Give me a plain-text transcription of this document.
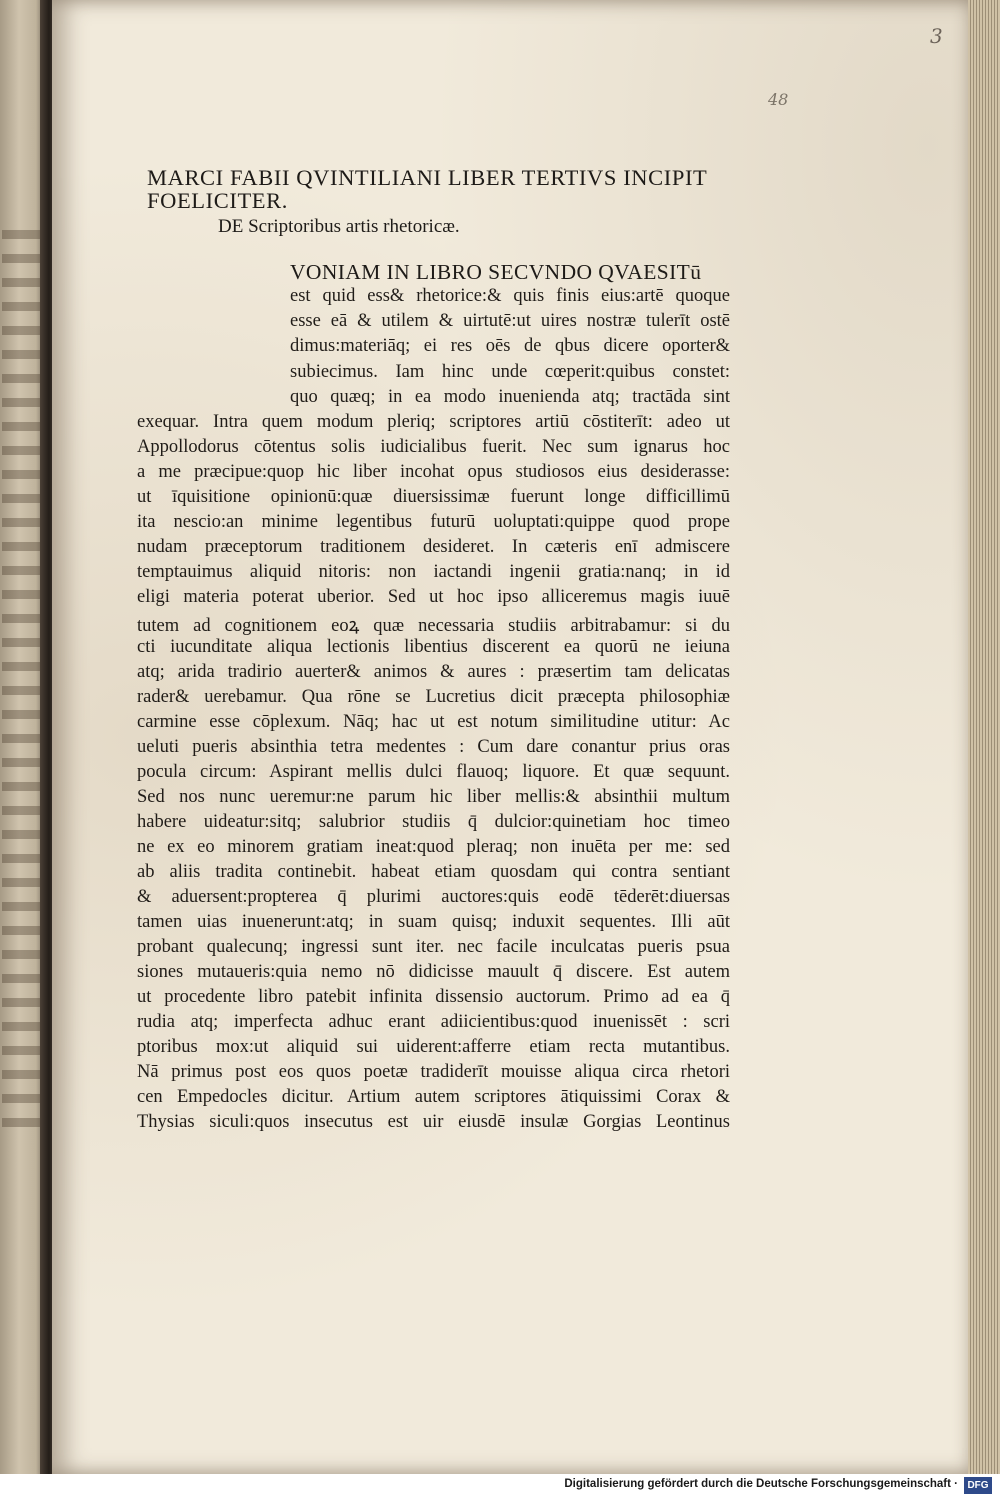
3
48
MARCI FABII QVINTILIANI LIBER TERTIVS INCIPIT
FOELICITER.
DE Scriptoribus artis rhetoricæ.
VONIAM IN LIBRO SECVNDO QVAESITū
est quid ess& rhetorice:& quis finis eius:artē quoque
esse eā & utilem & uirtutē:ut uires nostræ tulerīt ostē
dimus:materiāq; ei res oēs de qbus dicere oporter&
subiecimus. Iam hinc unde cœperit:quibus constet:
quo quæq; in ea modo inuenienda atq; tractāda sint
exequar. Intra quem modum pleriq; scriptores artiū cōstiterīt: adeo ut
Appollodorus cōtentus solis iudicialibus fuerit. Nec sum ignarus hoc
a me præcipue:quop hic liber incohat opus studiosos eius desiderasse:
ut īquisitione opinionū:quæ diuersissimæ fuerunt longe difficillimū
ita nescio:an minime legentibus futurū uoluptati:quippe quod prope
nudam præceptorum traditionem desideret. In cæteris enī admiscere
temptauimus aliquid nitoris: non iactandi ingenii gratia:nanq; in id
eligi materia poterat uberior. Sed ut hoc ipso alliceremus magis iuuē
tutem ad cognitionem eoꝝ quæ necessaria studiis arbitrabamur: si du
cti iucunditate aliqua lectionis libentius discerent ea quorū ne ieiuna
atq; arida tradirio auerter& animos & aures : præsertim tam delicatas
rader& uerebamur. Qua rōne se Lucretius dicit præcepta philosophiæ
carmine esse cōplexum. Nāq; hac ut est notum similitudine utitur: Ac
ueluti pueris absinthia tetra medentes : Cum dare conantur prius oras
pocula circum: Aspirant mellis dulci flauoq; liquore. Et quæ sequunt.
Sed nos nunc ueremur:ne parum hic liber mellis:& absinthii multum
habere uideatur:sitq; salubrior studiis q̄ dulcior:quinetiam hoc timeo
ne ex eo minorem gratiam ineat:quod pleraq; non inuēta per me: sed
ab aliis tradita continebit. habeat etiam quosdam qui contra sentiant
& aduersent:propterea q̄ plurimi auctores:quis eodē tēderēt:diuersas
tamen uias inuenerunt:atq; in suam quisq; induxit sequentes. Illi aūt
probant qualecunq; ingressi sunt iter. nec facile inculcatas pueris psua
siones mutaueris:quia nemo nō didicisse mauult q̄ discere. Est autem
ut procedente libro patebit infinita dissensio auctorum. Primo ad ea q̄
rudia atq; imperfecta adhuc erant adiicientibus:quod inuenissēt : scri
ptoribus mox:ut aliquid sui uiderent:afferre etiam recta mutantibus.
Nā primus post eos quos poetæ tradiderīt mouisse aliqua circa rhetori
cen Empedocles dicitur. Artium autem scriptores ātiquissimi Corax &
Thysias siculi:quos insecutus est uir eiusdē insulæ Gorgias Leontinus
Digitalisierung gefördert durch die Deutsche Forschungsgemeinschaft · DFG
